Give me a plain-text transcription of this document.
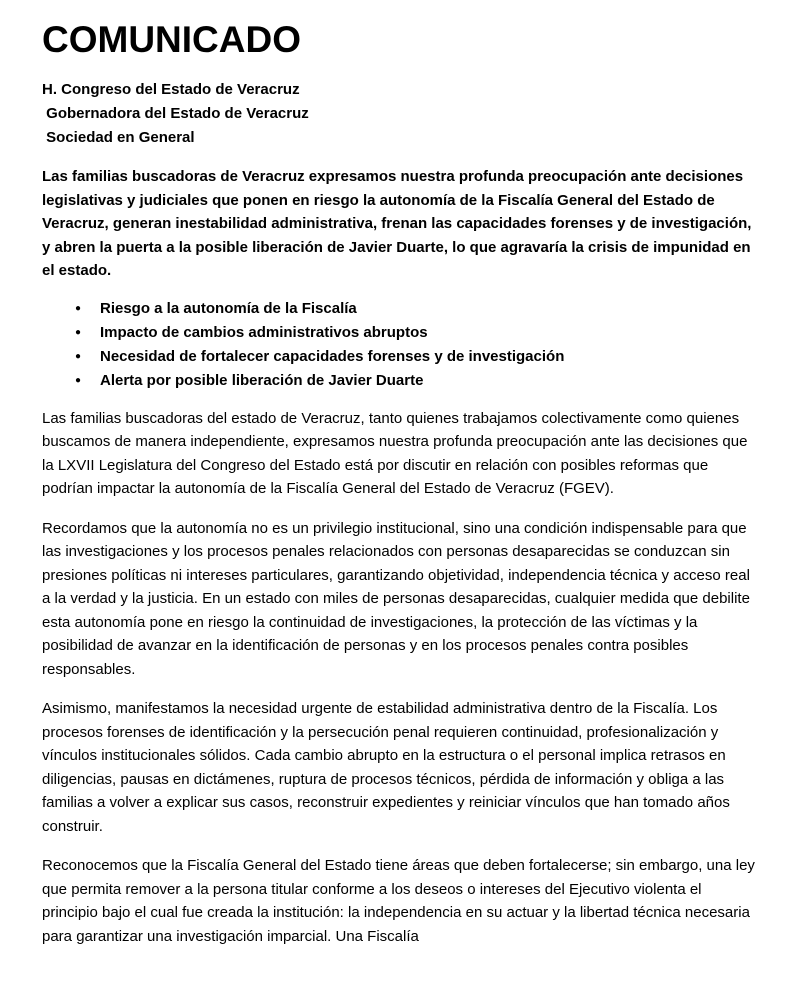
COMUNICADO

H. Congreso del Estado de Veracruz

Gobernadora del Estado de Veracruz

Sociedad en General

Las familias buscadoras de Veracruz expresamos nuestra profunda preocupación ante decisiones legislativas y judiciales que ponen en riesgo la autonomía de la Fiscalía General del Estado de Veracruz, generan inestabilidad administrativa, frenan las capacidades forenses y de investigación, y abren la puerta a la posible liberación de Javier Duarte, lo que agravaría la crisis de impunidad en el estado.

● Riesgo a la autonomía de la Fiscalía
● Impacto de cambios administrativos abruptos
● Necesidad de fortalecer capacidades forenses y de investigación
● Alerta por posible liberación de Javier Duarte

Las familias buscadoras del estado de Veracruz, tanto quienes trabajamos colectivamente como quienes buscamos de manera independiente, expresamos nuestra profunda preocupación ante las decisiones que la LXVII Legislatura del Congreso del Estado está por discutir en relación con posibles reformas que podrían impactar la autonomía de la Fiscalía General del Estado de Veracruz (FGEV).

Recordamos que la autonomía no es un privilegio institucional, sino una condición indispensable para que las investigaciones y los procesos penales relacionados con personas desaparecidas se conduzcan sin presiones políticas ni intereses particulares, garantizando objetividad, independencia técnica y acceso real a la verdad y la justicia. En un estado con miles de personas desaparecidas, cualquier medida que debilite esta autonomía pone en riesgo la continuidad de investigaciones, la protección de las víctimas y la posibilidad de avanzar en la identificación de personas y en los procesos penales contra posibles responsables.

Asimismo, manifestamos la necesidad urgente de estabilidad administrativa dentro de la Fiscalía. Los procesos forenses de identificación y la persecución penal requieren continuidad, profesionalización y vínculos institucionales sólidos. Cada cambio abrupto en la estructura o el personal implica retrasos en diligencias, pausas en dictámenes, ruptura de procesos técnicos, pérdida de información y obliga a las familias a volver a explicar sus casos, reconstruir expedientes y reiniciar vínculos que han tomado años construir.

Reconocemos que la Fiscalía General del Estado tiene áreas que deben fortalecerse; sin embargo, una ley que permita remover a la persona titular conforme a los deseos o intereses del Ejecutivo violenta el principio bajo el cual fue creada la institución: la independencia en su actuar y la libertad técnica necesaria para garantizar una investigación imparcial. Una Fiscalía
